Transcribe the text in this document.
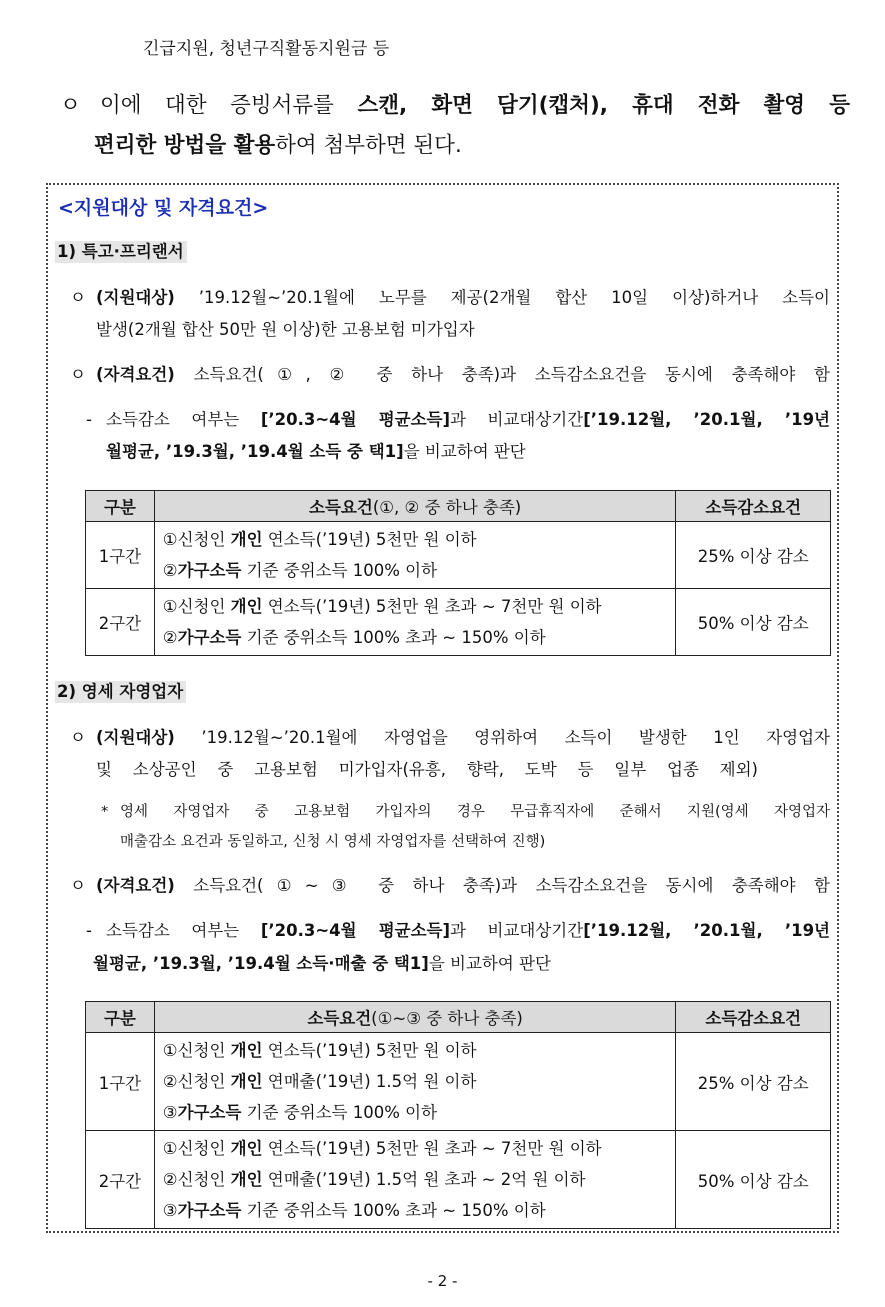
긴급지원, 청년구직활동지원금 등
ㅇ 이에 대한 증빙서류를 스캔, 화면 담기(캡처), 휴대 전화 촬영 등
편리한 방법을 활용하여 첨부하면 된다.
<지원대상 및 자격요건>
1) 특고·프리랜서
ㅇ (지원대상) ’19.12월~’20.1월에 노무를 제공(2개월 합산 10일 이상)하거나 소득이
발생(2개월 합산 50만 원 이상)한 고용보험 미가입자
ㅇ (자격요건) 소득요건(①, ② 중 하나 충족)과 소득감소요건을 동시에 충족해야 함
- 소득감소 여부는 [’20.3~4월 평균소득]과 비교대상기간[’19.12월, ’20.1월, ’19년
월평균, ’19.3월, ’19.4월 소득 중 택1]을 비교하여 판단
구분	소득요건(①, ② 중 하나 충족)	소득감소요건
1구간	①신청인 개인 연소득(’19년) 5천만 원 이하
②가구소득 기준 중위소득 100% 이하	25% 이상 감소
2구간	①신청인 개인 연소득(’19년) 5천만 원 초과 ~ 7천만 원 이하
②가구소득 기준 중위소득 100% 초과 ~ 150% 이하	50% 이상 감소
2) 영세 자영업자
ㅇ (지원대상) ’19.12월~’20.1월에 자영업을 영위하여 소득이 발생한 1인 자영업자
및 소상공인 중 고용보험 미가입자(유흥, 향락, 도박 등 일부 업종 제외)
* 영세 자영업자 중 고용보험 가입자의 경우 무급휴직자에 준해서 지원(영세 자영업자
매출감소 요건과 동일하고, 신청 시 영세 자영업자를 선택하여 진행)
ㅇ (자격요건) 소득요건(①~③ 중 하나 충족)과 소득감소요건을 동시에 충족해야 함
- 소득감소 여부는 [’20.3~4월 평균소득]과 비교대상기간[’19.12월, ’20.1월, ’19년
월평균, ’19.3월, ’19.4월 소득·매출 중 택1]을 비교하여 판단
구분	소득요건(①~③ 중 하나 충족)	소득감소요건
1구간	①신청인 개인 연소득(’19년) 5천만 원 이하
②신청인 개인 연매출(’19년) 1.5억 원 이하
③가구소득 기준 중위소득 100% 이하	25% 이상 감소
2구간	①신청인 개인 연소득(’19년) 5천만 원 초과 ~ 7천만 원 이하
②신청인 개인 연매출(’19년) 1.5억 원 초과 ~ 2억 원 이하
③가구소득 기준 중위소득 100% 초과 ~ 150% 이하	50% 이상 감소
- 2 -
